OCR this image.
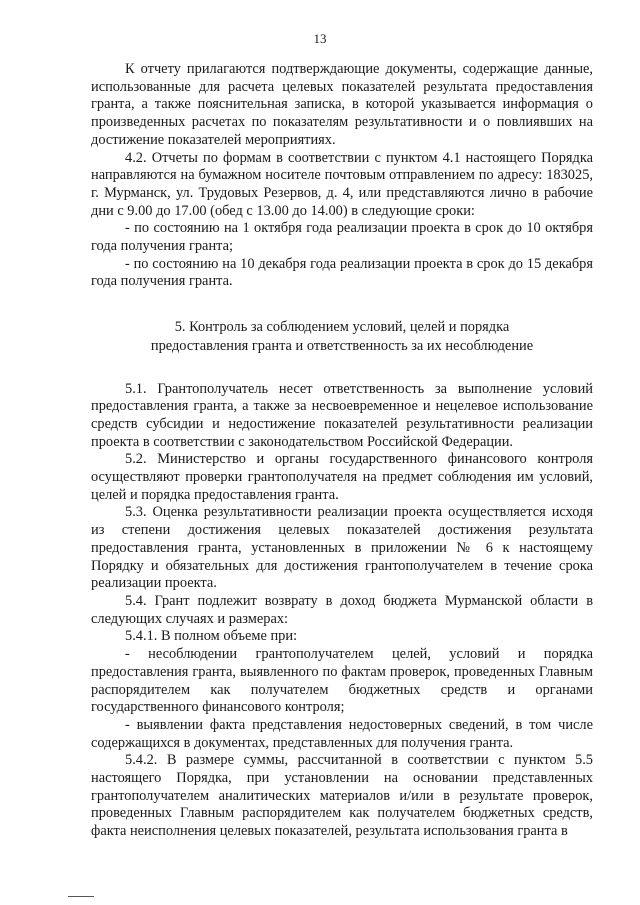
13

К отчету прилагаются подтверждающие документы, содержащие данные, использованные для расчета целевых показателей результата предоставления гранта, а также пояснительная записка, в которой указывается информация о произведенных расчетах по показателям результативности и о повлиявших на достижение показателей мероприятиях.

4.2. Отчеты по формам в соответствии с пунктом 4.1 настоящего Порядка направляются на бумажном носителе почтовым отправлением по адресу: 183025, г. Мурманск, ул. Трудовых Резервов, д. 4, или представляются лично в рабочие дни с 9.00 до 17.00 (обед с 13.00 до 14.00) в следующие сроки:

- по состоянию на 1 октября года реализации проекта в срок до 10 октября года получения гранта;

- по состоянию на 10 декабря года реализации проекта в срок до 15 декабря года получения гранта.

5. Контроль за соблюдением условий, целей и порядка
предоставления гранта и ответственность за их несоблюдение

5.1. Грантополучатель несет ответственность за выполнение условий предоставления гранта, а также за несвоевременное и нецелевое использование средств субсидии и недостижение показателей результативности реализации проекта в соответствии с законодательством Российской Федерации.

5.2. Министерство и органы государственного финансового контроля осуществляют проверки грантополучателя на предмет соблюдения им условий, целей и порядка предоставления гранта.

5.3. Оценка результативности реализации проекта осуществляется исходя из степени достижения целевых показателей достижения результата предоставления гранта, установленных в приложении № 6 к настоящему Порядку и обязательных для достижения грантополучателем в течение срока реализации проекта.

5.4. Грант подлежит возврату в доход бюджета Мурманской области в следующих случаях и размерах:

5.4.1. В полном объеме при:

- несоблюдении грантополучателем целей, условий и порядка предоставления гранта, выявленного по фактам проверок, проведенных Главным распорядителем как получателем бюджетных средств и органами государственного финансового контроля;

- выявлении факта представления недостоверных сведений, в том числе содержащихся в документах, представленных для получения гранта.

5.4.2. В размере суммы, рассчитанной в соответствии с пунктом 5.5 настоящего Порядка, при установлении на основании представленных грантополучателем аналитических материалов и/или в результате проверок, проведенных Главным распорядителем как получателем бюджетных средств, факта неисполнения целевых показателей, результата использования гранта в
